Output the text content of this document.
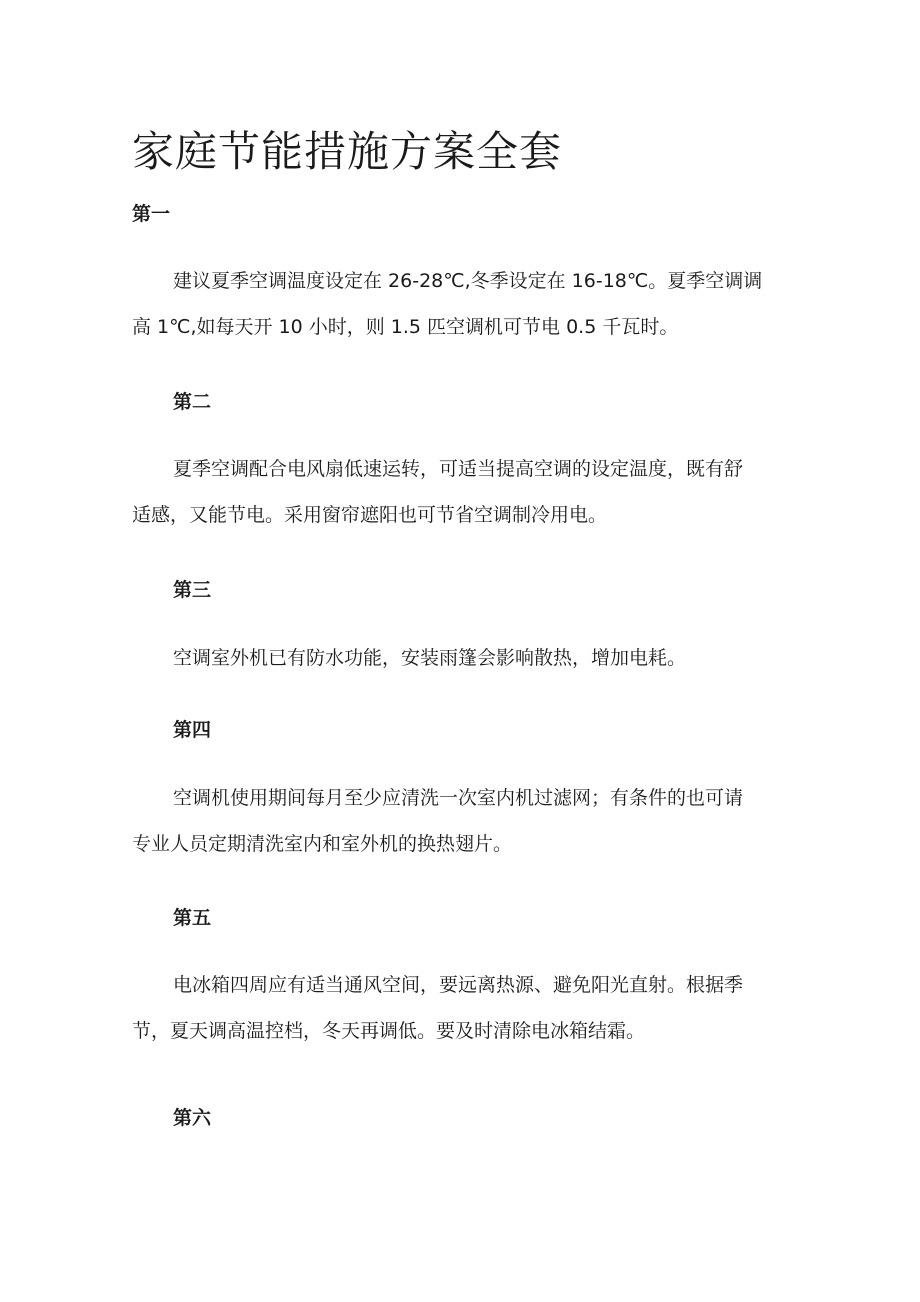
家庭节能措施方案全套
第一

建议夏季空调温度设定在 26-28℃,冬季设定在 16-18℃。夏季空调调
高 1℃,如每天开 10 小时，则 1.5 匹空调机可节电 0.5 千瓦时。

第二

夏季空调配合电风扇低速运转，可适当提高空调的设定温度，既有舒
适感，又能节电。采用窗帘遮阳也可节省空调制冷用电。

第三

空调室外机已有防水功能，安装雨篷会影响散热，增加电耗。

第四

空调机使用期间每月至少应清洗一次室内机过滤网；有条件的也可请
专业人员定期清洗室内和室外机的换热翅片。

第五

电冰箱四周应有适当通风空间，要远离热源、避免阳光直射。根据季
节，夏天调高温控档，冬天再调低。要及时清除电冰箱结霜。

第六
